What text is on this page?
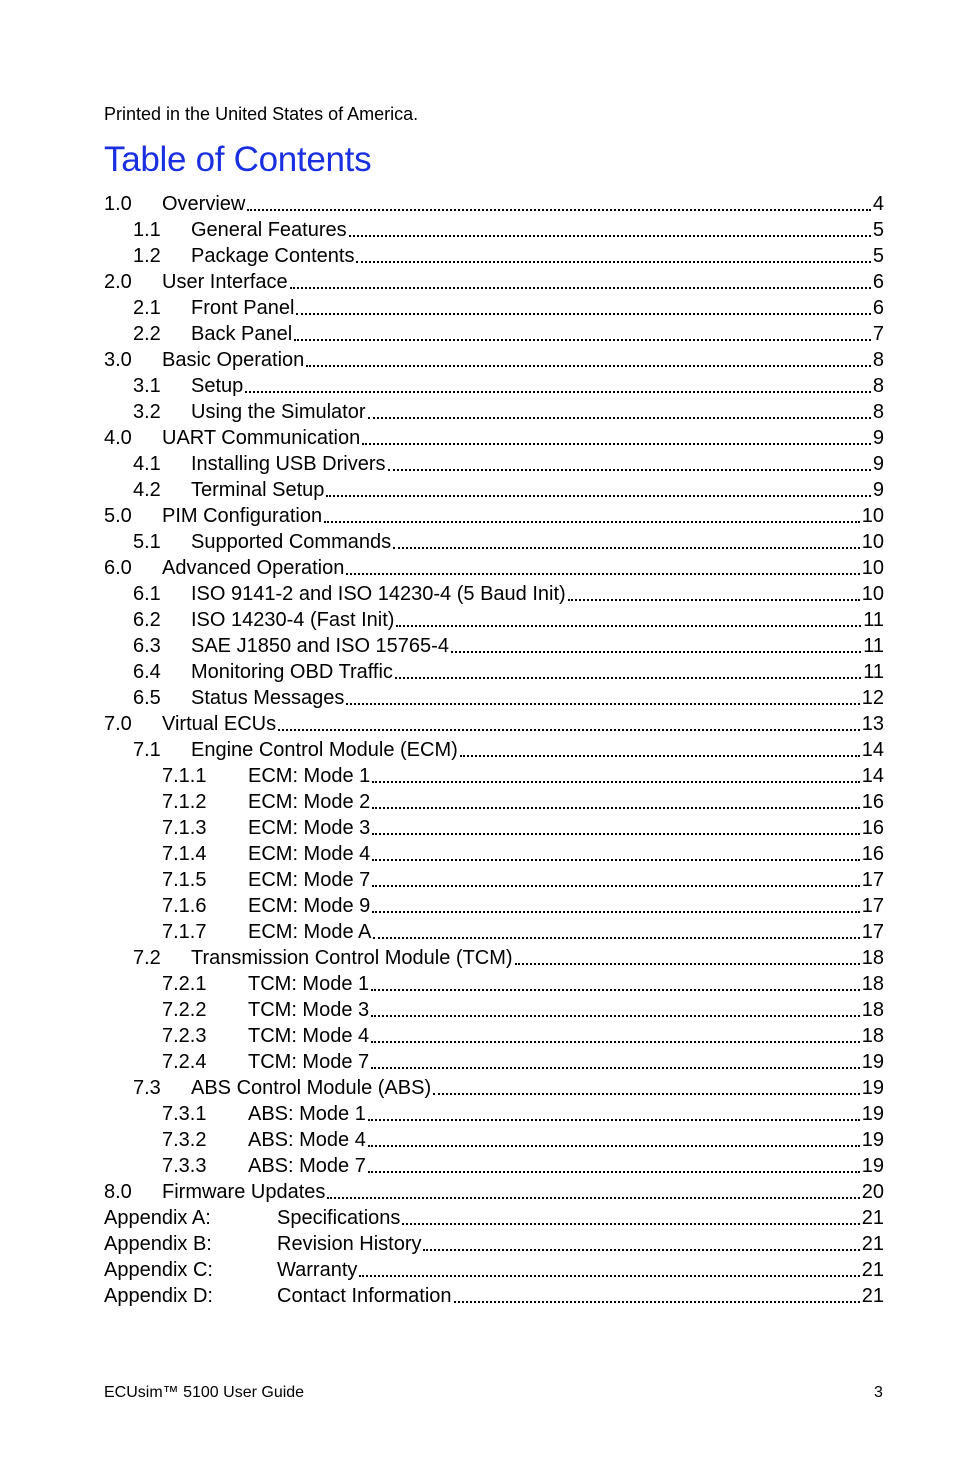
Printed in the United States of America.
Table of Contents
1.0 Overview	4
1.1 General Features	5
1.2 Package Contents	5
2.0 User Interface	6
2.1 Front Panel	6
2.2 Back Panel	7
3.0 Basic Operation	8
3.1 Setup	8
3.2 Using the Simulator	8
4.0 UART Communication	9
4.1 Installing USB Drivers	9
4.2 Terminal Setup	9
5.0 PIM Configuration	10
5.1 Supported Commands	10
6.0 Advanced Operation	10
6.1 ISO 9141-2 and ISO 14230-4 (5 Baud Init)	10
6.2 ISO 14230-4 (Fast Init)	11
6.3 SAE J1850 and ISO 15765-4	11
6.4 Monitoring OBD Traffic	11
6.5 Status Messages	12
7.0 Virtual ECUs	13
7.1 Engine Control Module (ECM)	14
7.1.1 ECM: Mode 1	14
7.1.2 ECM: Mode 2	16
7.1.3 ECM: Mode 3	16
7.1.4 ECM: Mode 4	16
7.1.5 ECM: Mode 7	17
7.1.6 ECM: Mode 9	17
7.1.7 ECM: Mode A	17
7.2 Transmission Control Module (TCM)	18
7.2.1 TCM: Mode 1	18
7.2.2 TCM: Mode 3	18
7.2.3 TCM: Mode 4	18
7.2.4 TCM: Mode 7	19
7.3 ABS Control Module (ABS)	19
7.3.1 ABS: Mode 1	19
7.3.2 ABS: Mode 4	19
7.3.3 ABS: Mode 7	19
8.0 Firmware Updates	20
Appendix A:	Specifications	21
Appendix B:	Revision History	21
Appendix C:	Warranty	21
Appendix D:	Contact Information	21
ECUsim™ 5100 User Guide	3
